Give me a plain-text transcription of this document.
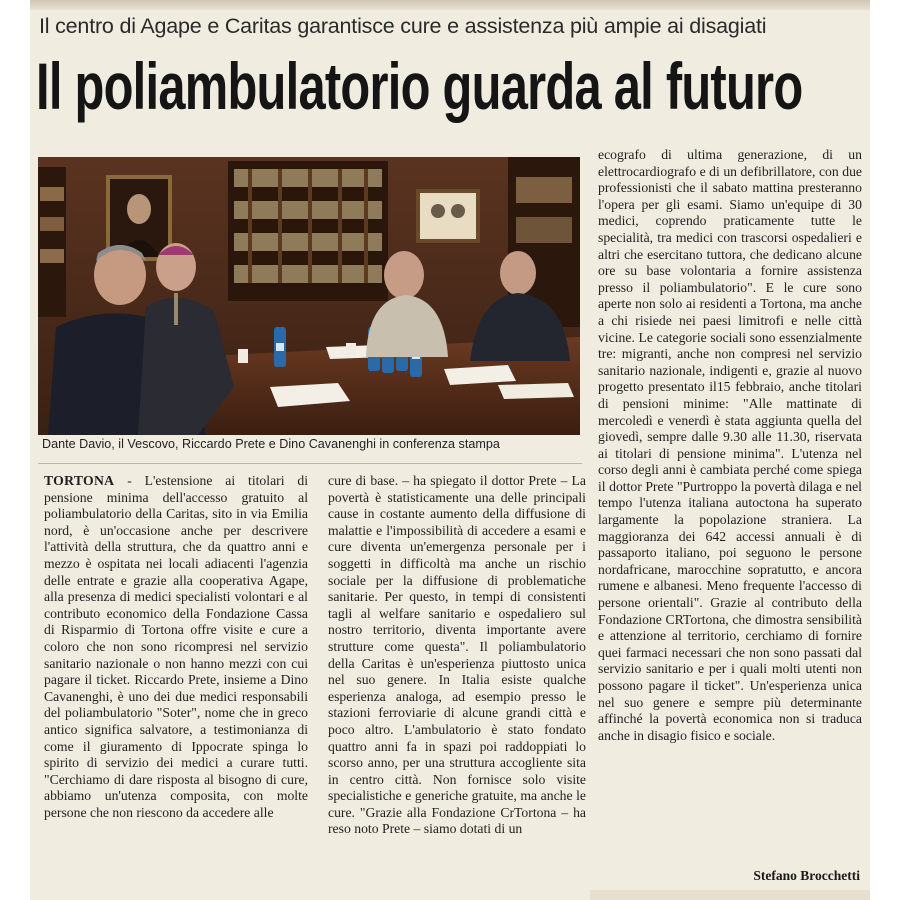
Il centro di Agape e Caritas garantisce cure e assistenza più ampie ai disagiati
Il poliambulatorio guarda al futuro
Dante Davio, il Vescovo, Riccardo Prete e Dino Cavanenghi in conferenza stampa

TORTONA - L'estensione ai titolari di pensione minima dell'accesso gratuito al poliambulatorio della Caritas, sito in via Emilia nord, è un'occasione anche per descrivere l'attività della struttura, che da quattro anni e mezzo è ospitata nei locali adiacenti l'agenzia delle entrate e grazie alla cooperativa Agape, alla presenza di medici specialisti volontari e al contributo economico della Fondazione Cassa di Risparmio di Tortona offre visite e cure a coloro che non sono ricompresi nel servizio sanitario nazionale o non hanno mezzi con cui pagare il ticket. Riccardo Prete, insieme a Dino Cavanenghi, è uno dei due medici responsabili del poliambulatorio "Soter", nome che in greco antico significa salvatore, a testimonianza di come il giuramento di Ippocrate spinga lo spirito di servizio dei medici a curare tutti. "Cerchiamo di dare risposta al bisogno di cure, abbiamo un'utenza composita, con molte persone che non riescono da accedere alle

cure di base. – ha spiegato il dottor Prete – La povertà è statisticamente una delle principali cause in costante aumento della diffusione di malattie e l'impossibilità di accedere a esami e cure diventa un'emergenza personale per i soggetti in difficoltà ma anche un rischio sociale per la diffusione di problematiche sanitarie. Per questo, in tempi di consistenti tagli al welfare sanitario e ospedaliero sul nostro territorio, diventa importante avere strutture come questa". Il poliambulatorio della Caritas è un'esperienza piuttosto unica nel suo genere. In Italia esiste qualche esperienza analoga, ad esempio presso le stazioni ferroviarie di alcune grandi città e poco altro. L'ambulatorio è stato fondato quattro anni fa in spazi poi raddoppiati lo scorso anno, per una struttura accogliente sita in centro città. Non fornisce solo visite specialistiche e generiche gratuite, ma anche le cure. "Grazie alla Fondazione CrTortona – ha reso noto Prete – siamo dotati di un

ecografo di ultima generazione, di un elettrocardiografo e di un defibrillatore, con due professionisti che il sabato mattina presteranno l'opera per gli esami. Siamo un'equipe di 30 medici, coprendo praticamente tutte le specialità, tra medici con trascorsi ospedalieri e altri che esercitano tuttora, che dedicano alcune ore su base volontaria a fornire assistenza presso il poliambulatorio". E le cure sono aperte non solo ai residenti a Tortona, ma anche a chi risiede nei paesi limitrofi e nelle città vicine. Le categorie sociali sono essenzialmente tre: migranti, anche non compresi nel servizio sanitario nazionale, indigenti e, grazie al nuovo progetto presentato il15 febbraio, anche titolari di pensioni minime: "Alle mattinate di mercoledì e venerdì è stata aggiunta quella del giovedì, sempre dalle 9.30 alle 11.30, riservata ai titolari di pensione minima". L'utenza nel corso degli anni è cambiata perché come spiega il dottor Prete "Purtroppo la povertà dilaga e nel tempo l'utenza italiana autoctona ha superato largamente la popolazione straniera. La maggioranza dei 642 accessi annuali è di passaporto italiano, poi seguono le persone nordafricane, marocchine sopratutto, e ancora rumene e albanesi. Meno frequente l'accesso di persone orientali". Grazie al contributo della Fondazione CRTortona, che dimostra sensibilità e attenzione al territorio, cerchiamo di fornire quei farmaci necessari che non sono passati dal servizio sanitario e per i quali molti utenti non possono pagare il ticket". Un'esperienza unica nel suo genere e sempre più determinante affinché la povertà economica non si traduca anche in disagio fisico e sociale.

Stefano Brocchetti
